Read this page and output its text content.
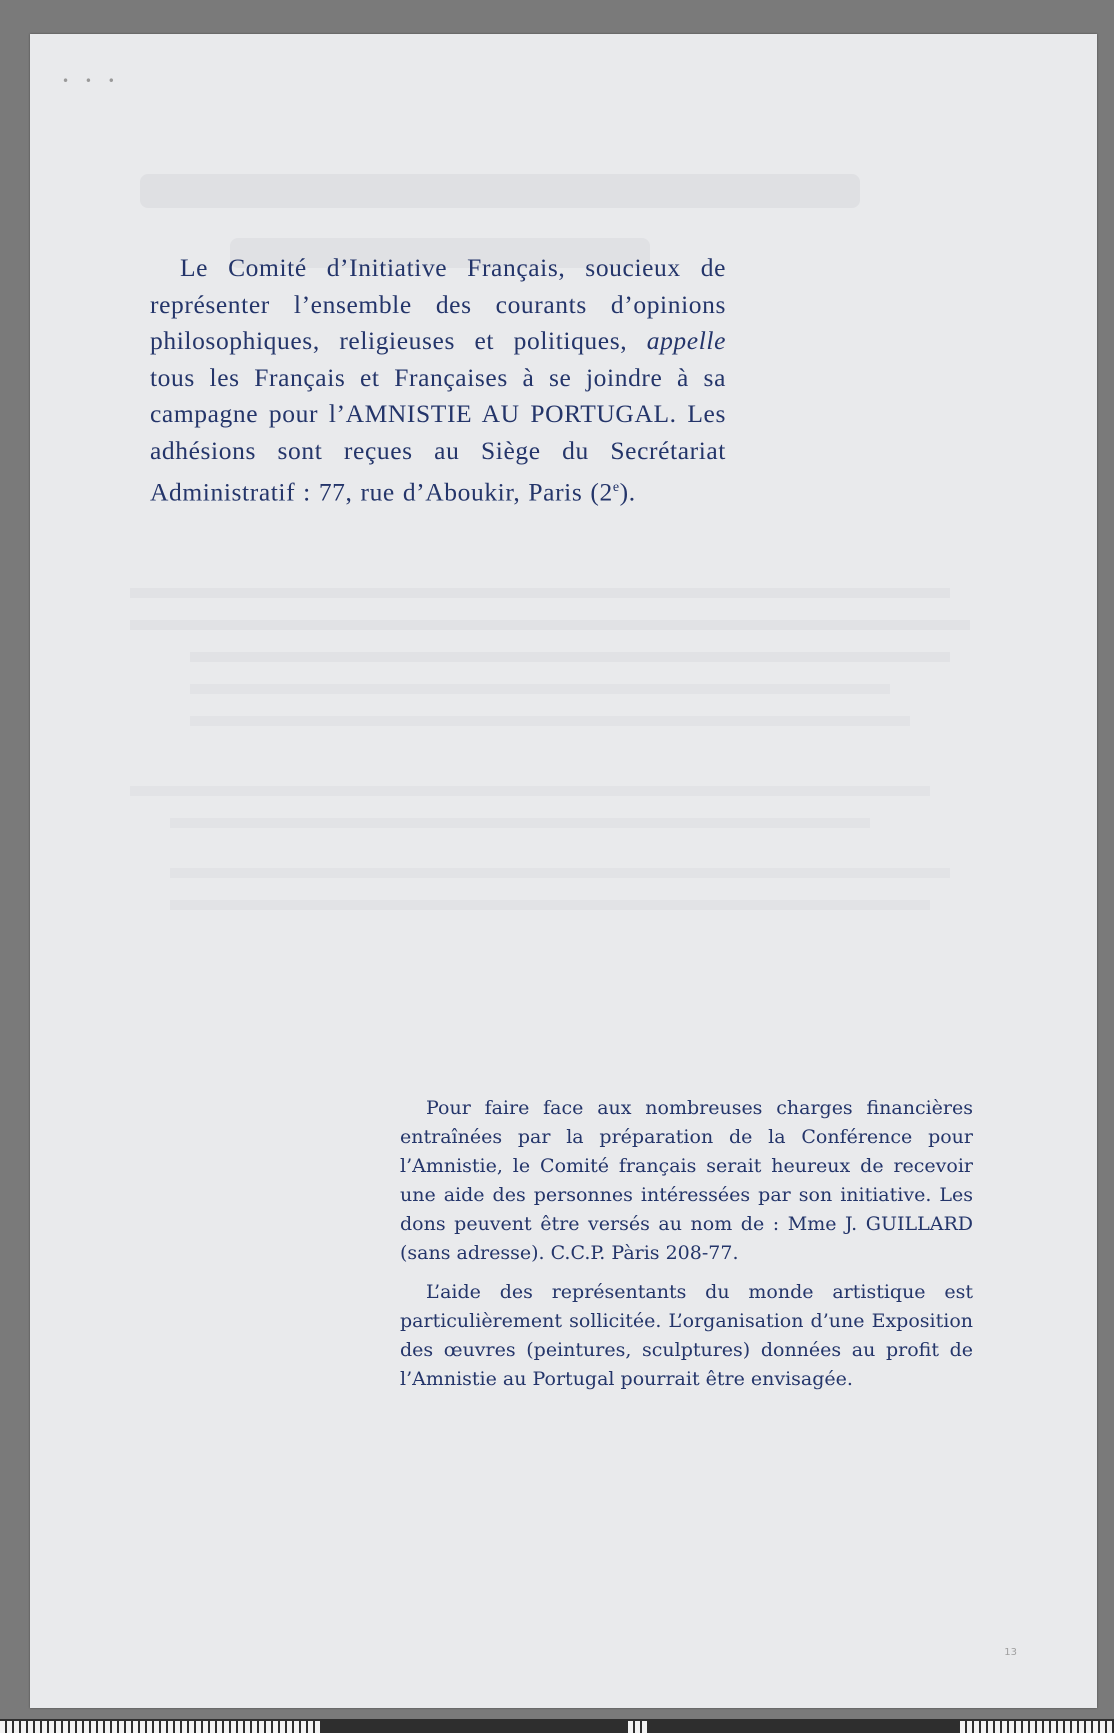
• • •

Le Comité d’Initiative Français, soucieux de représenter l’ensemble des courants d’opinions philosophiques, religieuses et politiques, appelle tous les Français et Françaises à se joindre à sa campagne pour l’AMNISTIE AU PORTUGAL. Les adhésions sont reçues au Siège du Secrétariat Administratif : 77, rue d’Aboukir, Paris (2e).

Pour faire face aux nombreuses charges financières entraînées par la préparation de la Conférence pour l’Amnistie, le Comité français serait heureux de recevoir une aide des personnes intéressées par son initiative. Les dons peuvent être versés au nom de : Mme J. GUILLARD (sans adresse). C.C.P. Pàris 208-77.

L’aide des représentants du monde artistique est particulièrement sollicitée. L’organisation d’une Exposition des œuvres (peintures, sculptures) données au profit de l’Amnistie au Portugal pourrait être envisagée.

13
